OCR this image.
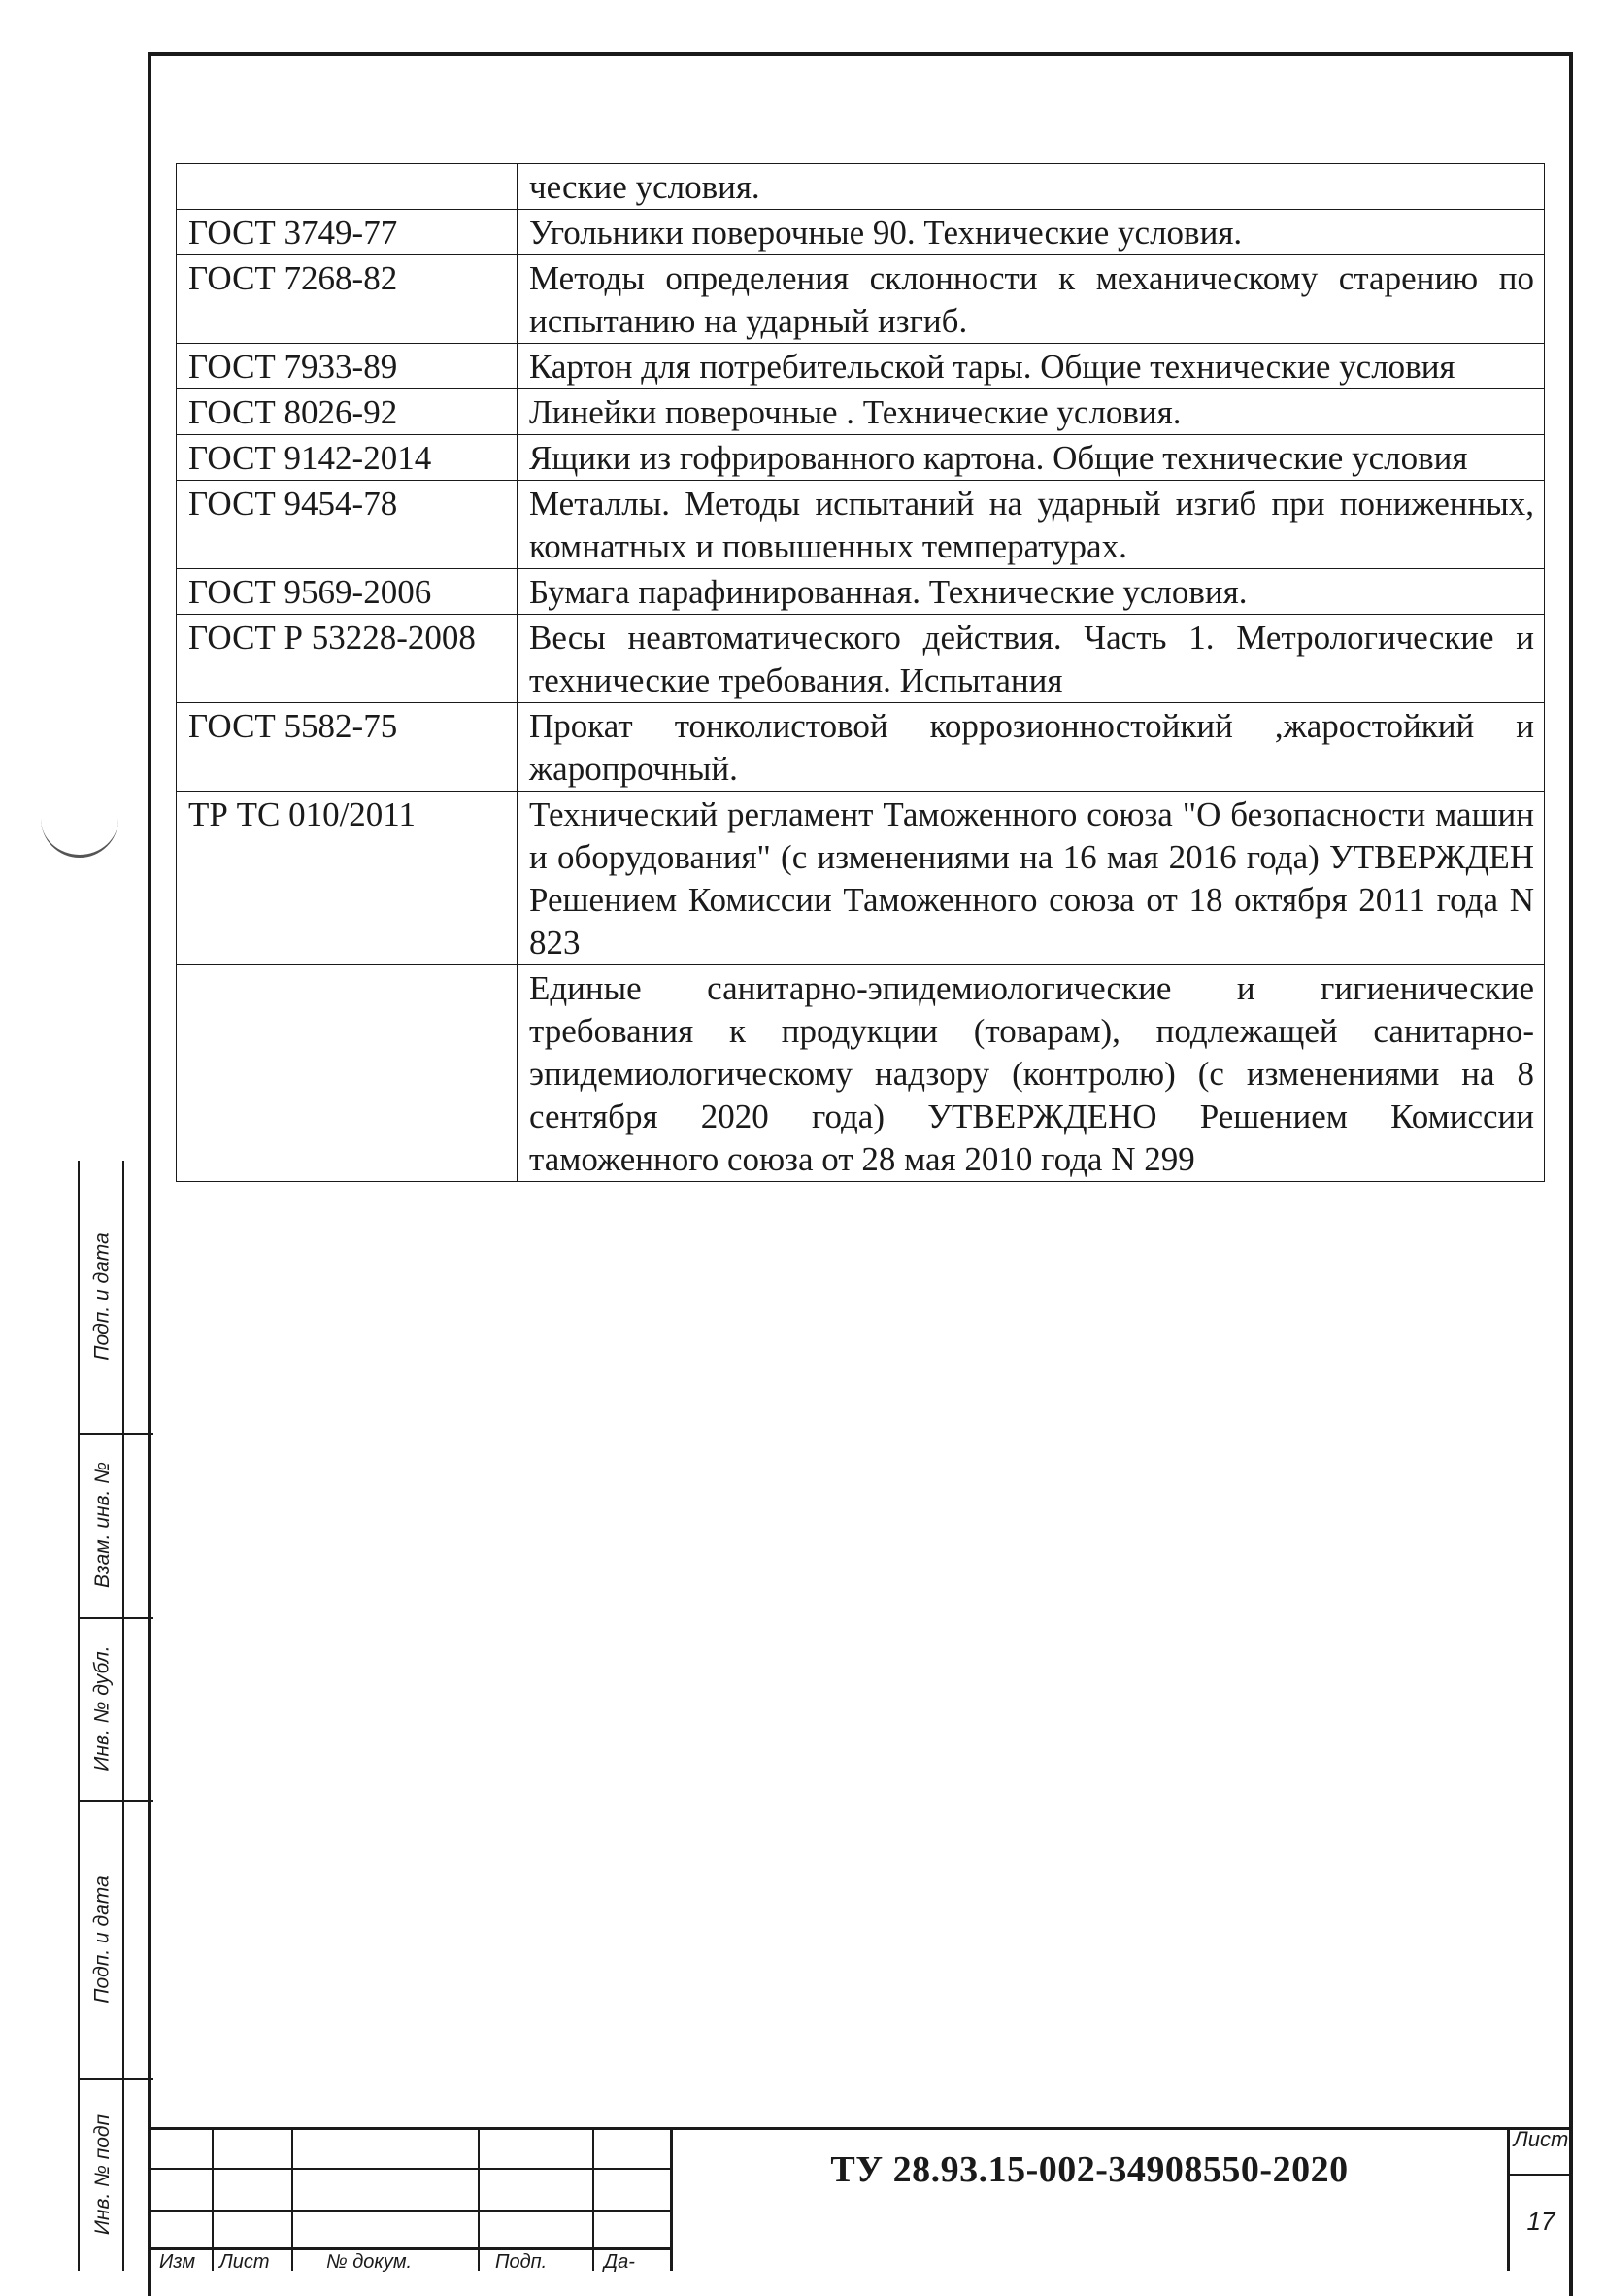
	ческие условия.
ГОСТ 3749-77	Угольники поверочные 90. Технические условия.
ГОСТ 7268-82	Методы определения склонности к механическому старению по испытанию на ударный изгиб.
ГОСТ 7933-89	Картон для потребительской тары. Общие технические условия
ГОСТ 8026-92	Линейки поверочные . Технические условия.
ГОСТ 9142-2014	Ящики из гофрированного картона. Общие технические условия
ГОСТ 9454-78	Металлы. Методы испытаний на ударный изгиб при пониженных, комнатных и повышенных температурах.
ГОСТ 9569-2006	Бумага парафинированная. Технические условия.
ГОСТ Р 53228-2008	Весы неавтоматического действия. Часть 1. Метрологические и технические требования. Испытания
ГОСТ 5582-75	Прокат тонколистовой коррозионностойкий ,жаростойкий и жаропрочный.
ТР ТС 010/2011	Технический регламент Таможенного союза "О безопасности машин и оборудования" (с изменениями на 16 мая 2016 года) УТВЕРЖДЕН Решением Комиссии Таможенного союза от 18 октября 2011 года N 823
	Единые санитарно-эпидемиологические и гигиенические требования к продукции (товарам), подлежащей санитарно-эпидемиологическому надзору (контролю) (с изменениями на 8 сентября 2020 года) УТВЕРЖДЕНО Решением Комиссии таможенного союза от 28 мая 2010 года N 299
Подп. и дата
Взам. инв. №
Инв. № дубл.
Подп. и дата
Инв. № подп	ТУ 28.93.15-002-34908550-2020
Изм Лист	№ докум.	Подп.	Да-
Лист
17
